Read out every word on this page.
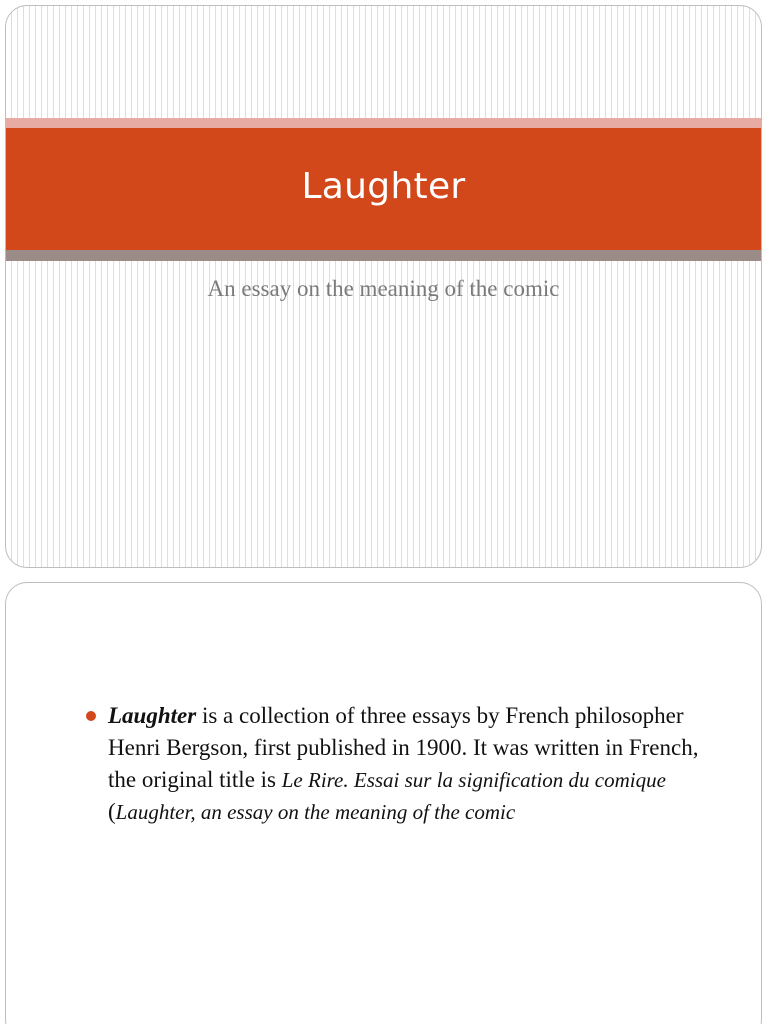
Laughter
An essay on the meaning of the comic
Laughter is a collection of three essays by French philosopher Henri Bergson, first published in 1900. It was written in French, the original title is Le Rire. Essai sur la signification du comique (Laughter, an essay on the meaning of the comic
